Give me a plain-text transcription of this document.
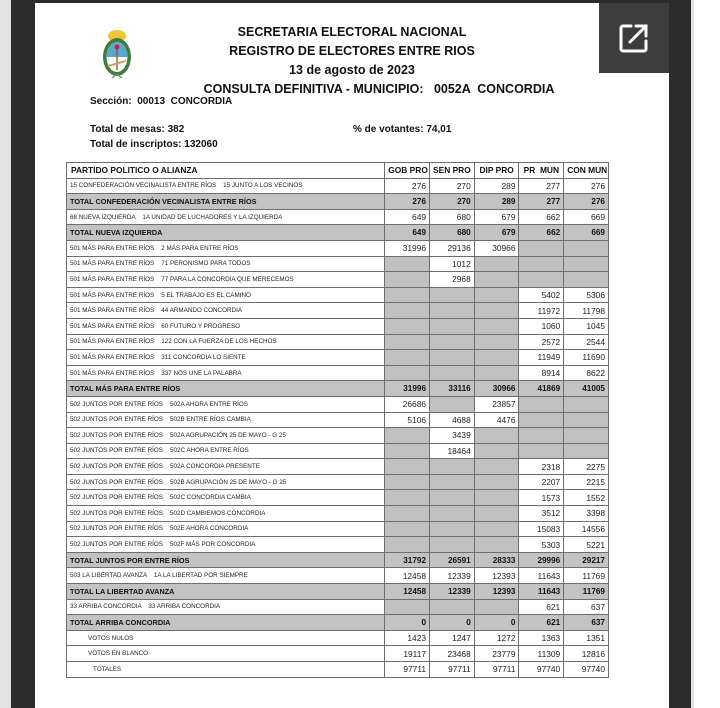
SECRETARIA ELECTORAL NACIONAL
REGISTRO DE ELECTORES ENTRE RIOS
13 de agosto de 2023
CONSULTA DEFINITIVA - MUNICIPIO:   0052A  CONCORDIA
Sección:  00013  CONCORDIA
Total de mesas: 382	% de votantes: 74,01
Total de inscriptos: 132060
PARTIDO POLITICO O ALIANZA	GOB PRO	SEN PRO	DIP PRO	PR  MUN	CON MUN
15 CONFEDERACIÓN VECINALISTA ENTRE RÍOS    15 JUNTO A LOS VECINOS	276	270	289	277	276
TOTAL CONFEDERACIÓN VECINALISTA ENTRE RÍOS	276	270	289	277	276
68 NUEVA IZQUIERDA    1A UNIDAD DE LUCHADORES Y LA IZQUIERDA	649	680	679	662	669
TOTAL NUEVA IZQUIERDA	649	680	679	662	669
501 MÁS PARA ENTRE RÍOS    2 MÁS PARA ENTRE RÍOS	31996	29136	30966		
501 MÁS PARA ENTRE RÍOS    71 PERONISMO PARA TODOS		1012			
501 MÁS PARA ENTRE RÍOS    77 PARA LA CONCORDIA QUE MERECEMOS		2968			
501 MÁS PARA ENTRE RÍOS    5 EL TRABAJO ES EL CAMINO				5402	5306
501 MÁS PARA ENTRE RÍOS    44 ARMANDO CONCORDIA				11972	11798
501 MÁS PARA ENTRE RÍOS    60 FUTURO Y PROGRESO				1060	1045
501 MÁS PARA ENTRE RÍOS    122 CON LA FUERZA DE LOS HECHOS				2572	2544
501 MÁS PARA ENTRE RÍOS    311 CONCORDIA LO SIENTE				11949	11690
501 MÁS PARA ENTRE RÍOS    337 NOS UNE LA PALABRA				8914	8622
TOTAL MÁS PARA ENTRE RÍOS	31996	33116	30966	41869	41005
502 JUNTOS POR ENTRE RÍOS    502A AHORA ENTRE RÍOS	26686		23857		
502 JUNTOS POR ENTRE RÍOS    502B ENTRE RÍOS CAMBIA	5106	4688	4476		
502 JUNTOS POR ENTRE RÍOS    502A AGRUPACIÓN 25 DE MAYO - G 25		3439			
502 JUNTOS POR ENTRE RÍOS    502C AHORA ENTRE RÍOS		18464			
502 JUNTOS POR ENTRE RÍOS    502A CONCORDIA PRESENTE				2318	2275
502 JUNTOS POR ENTRE RÍOS    502B AGRUPACIÓN 25 DE MAYO - G 25				2207	2215
502 JUNTOS POR ENTRE RÍOS    502C CONCORDIA CAMBIA				1573	1552
502 JUNTOS POR ENTRE RÍOS    502D CAMBIEMOS CONCORDIA				3512	3398
502 JUNTOS POR ENTRE RÍOS    502E AHORA CONCORDIA				15083	14556
502 JUNTOS POR ENTRE RÍOS    502F MÁS POR CONCORDIA				5303	5221
TOTAL JUNTOS POR ENTRE RÍOS	31792	26591	28333	29996	29217
503 LA LIBERTAD AVANZA    1A LA LIBERTAD POR SIEMPRE	12458	12339	12393	11643	11769
TOTAL LA LIBERTAD AVANZA	12458	12339	12393	11643	11769
33 ARRIBA CONCORDIA    33 ARRIBA CONCORDIA				621	637
TOTAL ARRIBA CONCORDIA	0	0	0	621	637
VOTOS NULOS	1423	1247	1272	1363	1351
VOTOS EN BLANCO	19117	23468	23779	11309	12816
TOTALES	97711	97711	97711	97740	97740
